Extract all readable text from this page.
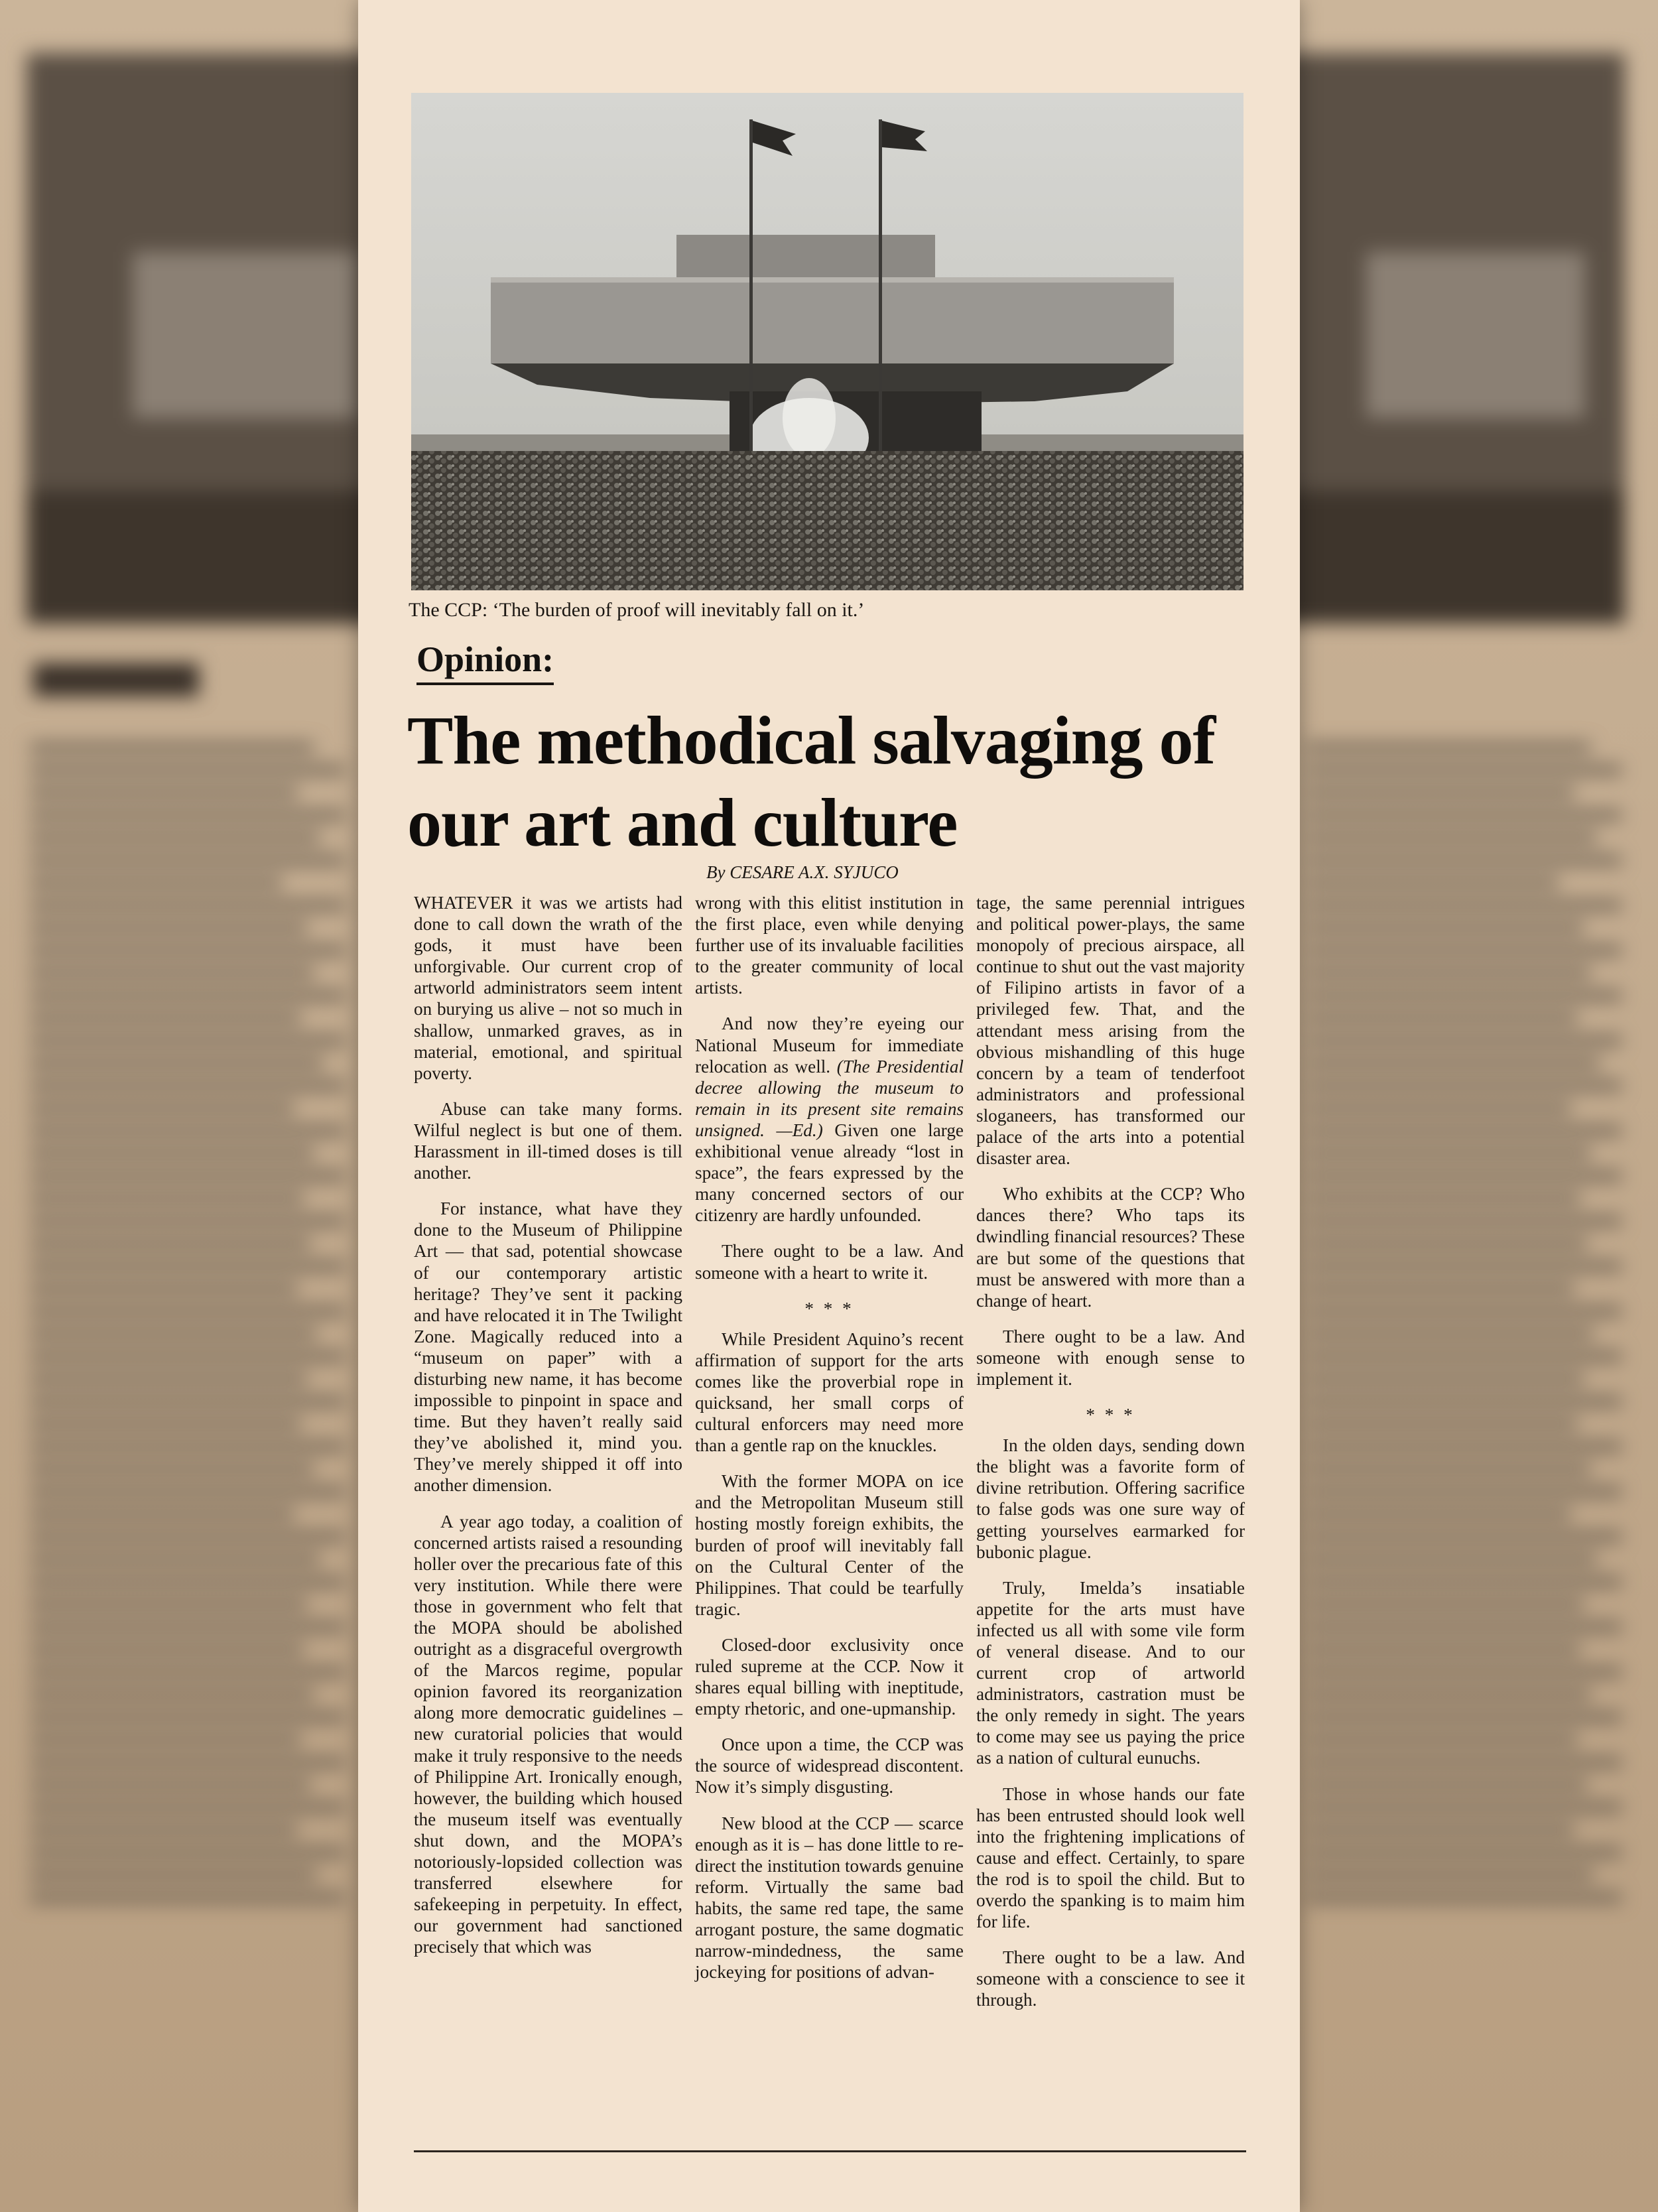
The CCP: ‘The burden of proof will inevitably fall on it.’
Opinion:
The methodical salvaging of our art and culture
By CESARE A.X. SYJUCO

WHATEVER it was we artists had done to call down the wrath of the gods, it must have been unforgivable. Our current crop of artworld administrators seem intent on burying us alive – not so much in shallow, unmarked graves, as in material, emotional, and spiritual poverty.

Abuse can take many forms. Wilful neglect is but one of them. Harassment in ill-timed doses is till another.

For instance, what have they done to the Museum of Philippine Art — that sad, potential showcase of our contemporary artistic heritage? They’ve sent it packing and have relocated it in The Twilight Zone. Magically reduced into a “museum on paper” with a disturbing new name, it has become impossible to pinpoint in space and time. But they haven’t really said they’ve abolished it, mind you. They’ve merely shipped it off into another dimension.

A year ago today, a coalition of concerned artists raised a resounding holler over the precarious fate of this very institution. While there were those in government who felt that the MOPA should be abolished outright as a disgraceful overgrowth of the Marcos regime, popular opinion favored its reorganization along more democratic guidelines – new curatorial policies that would make it truly responsive to the needs of Philippine Art. Ironically enough, however, the building which housed the museum itself was eventually shut down, and the MOPA’s notoriously-lopsided collection was transferred elsewhere for safekeeping in perpetuity. In effect, our government had sanctioned precisely that which was

wrong with this elitist institution in the first place, even while denying further use of its invaluable facilities to the greater community of local artists.

And now they’re eyeing our National Museum for immediate relocation as well. (The Presidential decree allowing the museum to remain in its present site remains unsigned. —Ed.) Given one large exhibitional venue already “lost in space”, the fears expressed by the many concerned sectors of our citizenry are hardly unfounded.

There ought to be a law. And someone with a heart to write it.

* * *

While President Aquino’s recent affirmation of support for the arts comes like the proverbial rope in quicksand, her small corps of cultural enforcers may need more than a gentle rap on the knuckles.

With the former MOPA on ice and the Metropolitan Museum still hosting mostly foreign exhibits, the burden of proof will inevitably fall on the Cultural Center of the Philippines. That could be tearfully tragic.

Closed-door exclusivity once ruled supreme at the CCP. Now it shares equal billing with ineptitude, empty rhetoric, and one-upmanship.

Once upon a time, the CCP was the source of widespread discontent. Now it’s simply disgusting.

New blood at the CCP — scarce enough as it is – has done little to re-direct the institution towards genuine reform. Virtually the same bad habits, the same red tape, the same arrogant posture, the same dogmatic narrow-mindedness, the same jockeying for positions of advan-

tage, the same perennial intrigues and political power-plays, the same monopoly of precious airspace, all continue to shut out the vast majority of Filipino artists in favor of a privileged few. That, and the attendant mess arising from the obvious mishandling of this huge concern by a team of tenderfoot administrators and professional sloganeers, has transformed our palace of the arts into a potential disaster area.

Who exhibits at the CCP? Who dances there? Who taps its dwindling financial resources? These are but some of the questions that must be answered with more than a change of heart.

There ought to be a law. And someone with enough sense to implement it.

* * *

In the olden days, sending down the blight was a favorite form of divine retribution. Offering sacrifice to false gods was one sure way of getting yourselves earmarked for bubonic plague.

Truly, Imelda’s insatiable appetite for the arts must have infected us all with some vile form of veneral disease. And to our current crop of artworld administrators, castration must be the only remedy in sight. The years to come may see us paying the price as a nation of cultural eunuchs.

Those in whose hands our fate has been entrusted should look well into the frightening implications of cause and effect. Certainly, to spare the rod is to spoil the child. But to overdo the spanking is to maim him for life.

There ought to be a law. And someone with a conscience to see it through.
